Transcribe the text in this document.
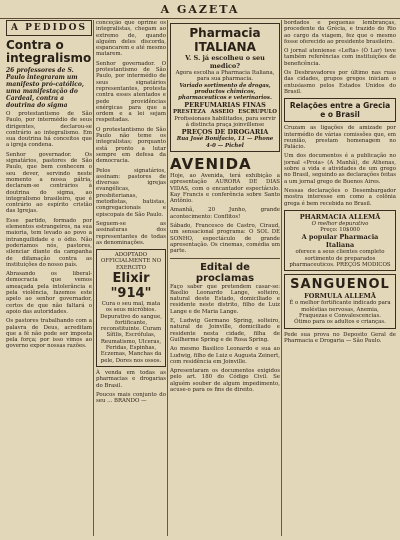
A GAZETA
A PEDIDOS
Contra o integralismo
26 professores de S. Paulo integraram um manifesto pró-católico, uma manifestação do Cardeal, contra a doutrina do sigma

O protestantismo de São Paulo, por intermédio de seus dirigentes, declarou-se contrário ao integralismo. Em sua doutrina há conceitos que a igreja condena.

Senhor governador. Os signatários, pastores de São Paulo, que bem conhecem o seu dever, servindo neste momento a nossa pátria, declaram-se contrários à doutrina do sigma, ao integralismo brasileiro, que é contrário ao espírito cristão das Igrejas.

Esse partido, formado por elementos estrangeiros, na sua maioria, tem levado ao povo a intranquilidade e o ódio. Não poderíamos nós, pastores, silenciar diante da campanha de difamação contra as instituições do nosso país.

Abrasando os liberal-democracia que vemos ameaçada pela intolerância e pela violência, fazemos este apelo ao senhor governador, certos de que não faltará o apoio das autoridades.

Os pastores trabalhando com a palavra de Deus, acreditam que a fé não pode ser imposta pela força; por isso vimos ao governo expor nossas razões.

conceção que oprime os integralistas, chegam ao extremo de, quando alguém deles discorda, espancarem e até mesmo matarem.

Senhor governador. O protestantismo de São Paulo, por intermédio de seus signatários representantes, protesta contra esses atentados e pede providências enérgicas para que a ordem e a lei sejam respeitadas.

O protestantismo de São Paulo não teme os integralistas; porquanto está pronto a lutar sempre em defesa da democracia.

Pelos signatários, assinam: pastores de diversas igrejas evangélicas, presbiterianas, metodistas, batistas, congregacionais e episcopais de São Paulo.

Seguem-se as assinaturas dos representantes de todas as denominações.

ADOPTADO OFFICIALMENTE NO EXERCITO
Elixir "914"
Cura o seu mal, mata os seus micróbios. Depurativo do sangue, fortificante, reconstituinte. Curam Sífilis, Escrófulas, Reumatismo, Ulceras, Feridas, Espinhas, Eczemas, Manchas da pele, Dores nos ossos.

À venda em todas as pharmacias e drogarias do Brasil.

Poucos mais conjunto do seu ... BRANDO —

Pharmacia ITALIANA
V. S. já escolheu o seu medico?
Agora escolha a Pharmacia Italiana, para sua pharmacia.
Variado sortimento de drogas, productos chimicos, pharmaceuticos e veterinarios.
PERFUMARIAS FINAS
PRESTEZA ASSEIO ESCRUPULO
Profissionaes habilitados, para servir á distincta praça joinvillense
PREÇOS DE DROGARIA
Rua José Bonifacio, 11 — Phone 4-0 — Pichel
AVENIDA

Hoje, ao Avenida, terá exhibição a apresentação AURORA DE DIAS VIDAS, com o encantador espectáculo. Kay Francis e conferência sobre Santo Antônio.

Amanhã, 20 Junho, grande acontecimento: Conflitos!

Sábado, Francesco de Castro, Ciraud, um sensacional programa: O SOL DE SONHO, espectáculo de grande apresentação. Os cinemas, comédia um parte.

Edital de proclamas

Faço saber que pretendem casar-se: Basílio Leonardo Lange, solteiro, natural deste Estado, domiciliado e residente neste distrito, filho de Luiz Lange e de Maria Lange.

E, Ludwig Germano Spring, solteiro, natural de Joinville, domiciliado e residente nesta cidade, filha de Guilherme Spring e de Rosa Spring.

Ao mesmo Basilico Leonardo e sua ao Ludwig, filho de Luiz e Augusta Zeinert, com residência em Joinville.

Apresentaram os documentos exigidos pelo art. 180 do Código Civil. Se alguém souber de algum impedimento, acuse-o para os fins de direito.

bordados e pequenas lembranças, procedente da Grécia, e trazido do Rio ao cargo da viagem, fez que o mesmo fosse oferecido ao presidente brasileiro.

O jornal ateniense «Lefta» (Ó Lar) teve também referências com instituições de beneficência.

Os Desbravadores por último nas ruas das cidades, grupos gregos iniciam o entusiasmo pelos Estados Unidos do Brasil.

Relações entre a Grecia e o Brasil

Cruzam as ligações de amizade por intermédio de várias comissões que, em reunião, prestam homenagem no Palácio.

Um dos documentos é a publicação no jornal «Proia» (A Manhã), de Athenas, sobre a vida e atividades de um grego no Brasil, seguindo as declarações feitas a um jornal grego de Buenos Aires.

Nessas declarações o Desembargador mostra interesse em como a colônia grega é bem recebida no Brasil.

PHARMACIA ALLEMÃ
O melhor depurativo
Preço: 10$000
A popular Pharmacia Italiana
oferece a seus clientes completo sortimento de preparados pharmaceuticos. PREÇOS MODICOS
SANGUENOL
FORMULA ALLEMÃ
É o melhor fortificante indicado para moléstias nervosas, Anemia, Fraquezas e Convalescencias.
Ótimo para os adultos e crianças.

Pede sua prova no Deposito Geral de Pharmacia e Drogaria — São Paulo.
